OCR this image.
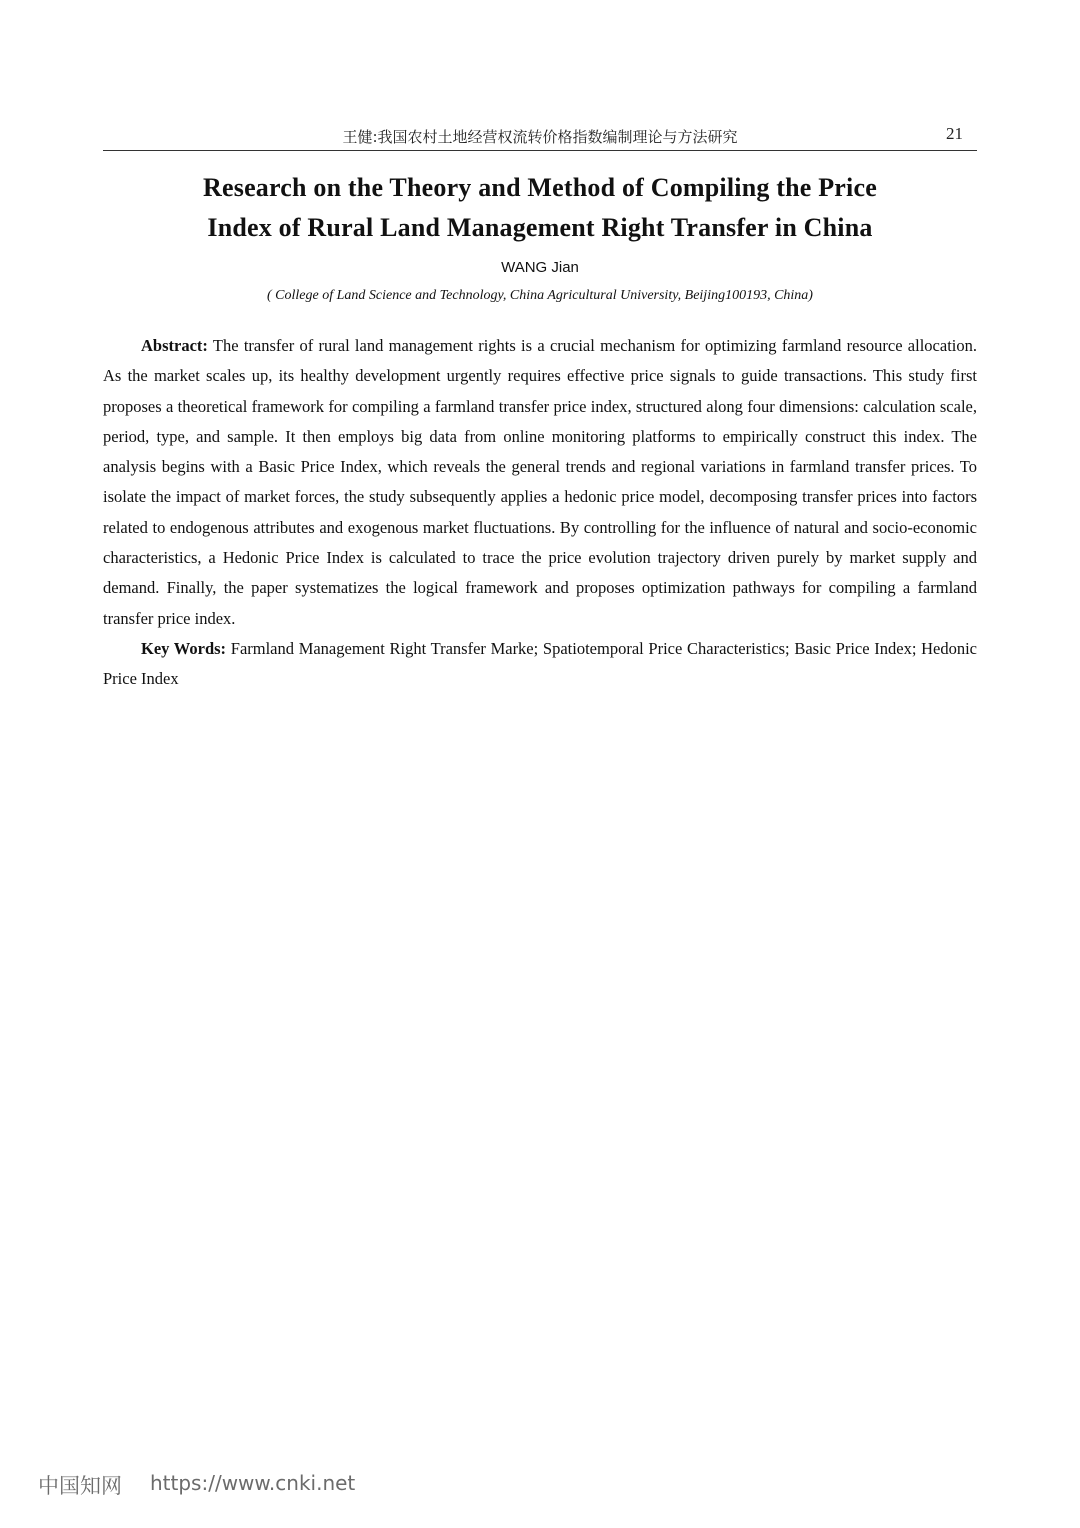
王健:我国农村土地经营权流转价格指数编制理论与方法研究	21
Research on the Theory and Method of Compiling the Price
Index of Rural Land Management Right Transfer in China
WANG Jian
( College of Land Science and Technology, China Agricultural University, Beijing100193, China)

Abstract: The transfer of rural land management rights is a crucial mechanism for optimizing farmland resource allocation. As the market scales up, its healthy development urgently requires effective price signals to guide transactions. This study first proposes a theoretical framework for compiling a farmland transfer price index, structured along four dimensions: calculation scale, period, type, and sample. It then employs big data from online monitoring platforms to empirically construct this index. The analysis begins with a Basic Price Index, which reveals the general trends and regional variations in farmland transfer prices. To isolate the impact of market forces, the study subsequently applies a hedonic price model, decomposing transfer prices into factors related to endogenous attributes and exogenous market fluctuations. By controlling for the influence of natural and socio-economic characteristics, a Hedonic Price Index is calculated to trace the price evolution trajectory driven purely by market supply and demand. Finally, the paper systematizes the logical framework and proposes optimization pathways for compiling a farmland transfer price index.

Key Words: Farmland Management Right Transfer Marke; Spatiotemporal Price Characteristics; Basic Price Index; Hedonic Price Index

中国知网 https://www.cnki.net
